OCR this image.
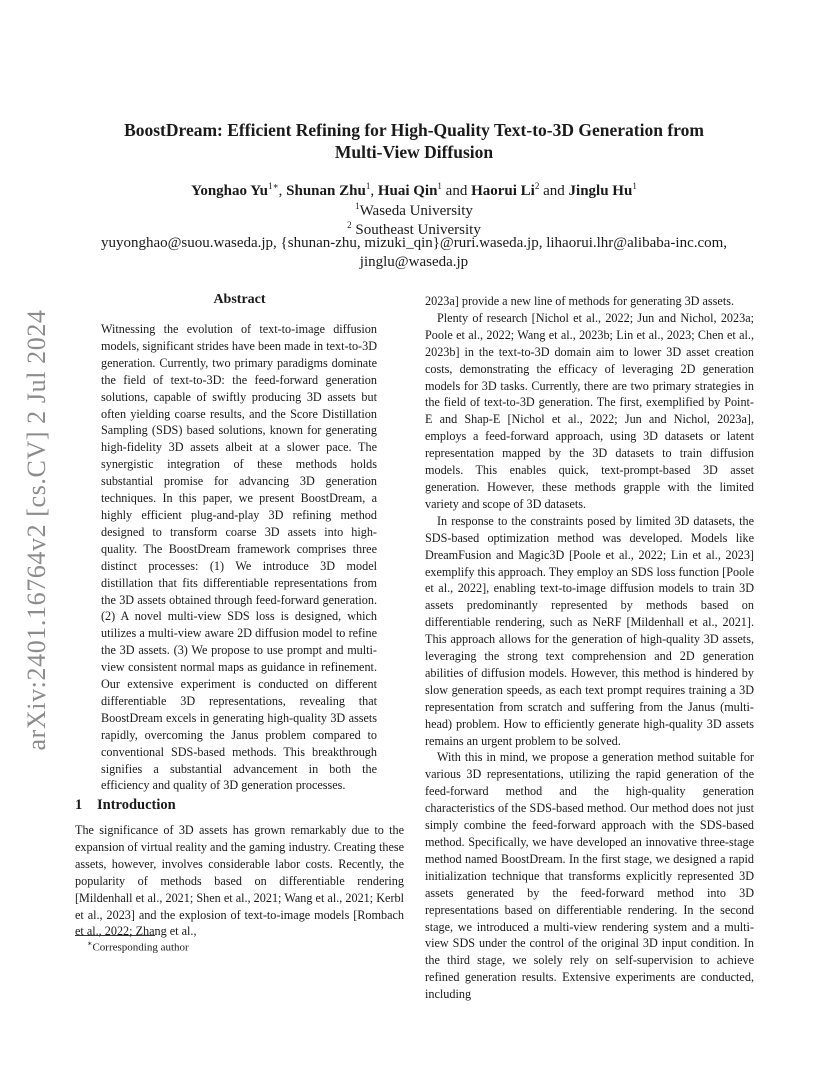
arXiv:2401.16764v2 [cs.CV] 2 Jul 2024
BoostDream: Efficient Refining for High-Quality Text-to-3D Generation from
Multi-View Diffusion
Yonghao $Yu^{1∗}$, Shunan Zhu$^1$, Huai Qin$^1$ and Haorui Li$^2$ and Jinglu Hu$^1$
$^1$Waseda University
$^2$ Southeast University
yuyonghao@suou.waseda.jp, {shunan-zhu, mizuki_qin}@ruri.waseda.jp, lihaorui.lhr@alibaba-inc.com,
jinglu@waseda.jp
Abstract

Witnessing the evolution of text-to-image diffusion models, significant strides have been made in text-to-3D generation. Currently, two primary paradigms dominate the field of text-to-3D: the feed-forward generation solutions, capable of swiftly producing 3D assets but often yielding coarse results, and the Score Distillation Sampling (SDS) based solutions, known for generating high-fidelity 3D assets albeit at a slower pace. The synergistic integration of these methods holds substantial promise for advancing 3D generation techniques. In this paper, we present BoostDream, a highly efficient plug-and-play 3D refining method designed to transform coarse 3D assets into high-quality. The BoostDream framework comprises three distinct processes: (1) We introduce 3D model distillation that fits differentiable representations from the 3D assets obtained through feed-forward generation. (2) A novel multi-view SDS loss is designed, which utilizes a multi-view aware 2D diffusion model to refine the 3D assets. (3) We propose to use prompt and multi-view consistent normal maps as guidance in refinement. Our extensive experiment is conducted on different differentiable 3D representations, revealing that BoostDream excels in generating high-quality 3D assets rapidly, overcoming the Janus problem compared to conventional SDS-based methods. This breakthrough signifies a substantial advancement in both the efficiency and quality of 3D generation processes.

1 Introduction

The significance of 3D assets has grown remarkably due to the expansion of virtual reality and the gaming industry. Creating these assets, however, involves considerable labor costs. Recently, the popularity of methods based on differentiable rendering [Mildenhall et al., 2021; Shen et al., 2021; Wang et al., 2021; Kerbl et al., 2023] and the explosion of text-to-image models [Rombach et al., 2022; Zhang et al.,

∗Corresponding author

2023a] provide a new line of methods for generating 3D assets.

Plenty of research [Nichol et al., 2022; Jun and Nichol, 2023a; Poole et al., 2022; Wang et al., 2023b; Lin et al., 2023; Chen et al., 2023b] in the text-to-3D domain aim to lower 3D asset creation costs, demonstrating the efficacy of leveraging 2D generation models for 3D tasks. Currently, there are two primary strategies in the field of text-to-3D generation. The first, exemplified by Point-E and Shap-E [Nichol et al., 2022; Jun and Nichol, 2023a], employs a feed-forward approach, using 3D datasets or latent representation mapped by the 3D datasets to train diffusion models. This enables quick, text-prompt-based 3D asset generation. However, these methods grapple with the limited variety and scope of 3D datasets.

In response to the constraints posed by limited 3D datasets, the SDS-based optimization method was developed. Models like DreamFusion and Magic3D [Poole et al., 2022; Lin et al., 2023] exemplify this approach. They employ an SDS loss function [Poole et al., 2022], enabling text-to-image diffusion models to train 3D assets predominantly represented by methods based on differentiable rendering, such as NeRF [Mildenhall et al., 2021]. This approach allows for the generation of high-quality 3D assets, leveraging the strong text comprehension and 2D generation abilities of diffusion models. However, this method is hindered by slow generation speeds, as each text prompt requires training a 3D representation from scratch and suffering from the Janus (multi-head) problem. How to efficiently generate high-quality 3D assets remains an urgent problem to be solved.

With this in mind, we propose a generation method suitable for various 3D representations, utilizing the rapid generation of the feed-forward method and the high-quality generation characteristics of the SDS-based method. Our method does not just simply combine the feed-forward approach with the SDS-based method. Specifically, we have developed an innovative three-stage method named BoostDream. In the first stage, we designed a rapid initialization technique that transforms explicitly represented 3D assets generated by the feed-forward method into 3D representations based on differentiable rendering. In the second stage, we introduced a multi-view rendering system and a multi-view SDS under the control of the original 3D input condition. In the third stage, we solely rely on self-supervision to achieve refined generation results. Extensive experiments are conducted, including
